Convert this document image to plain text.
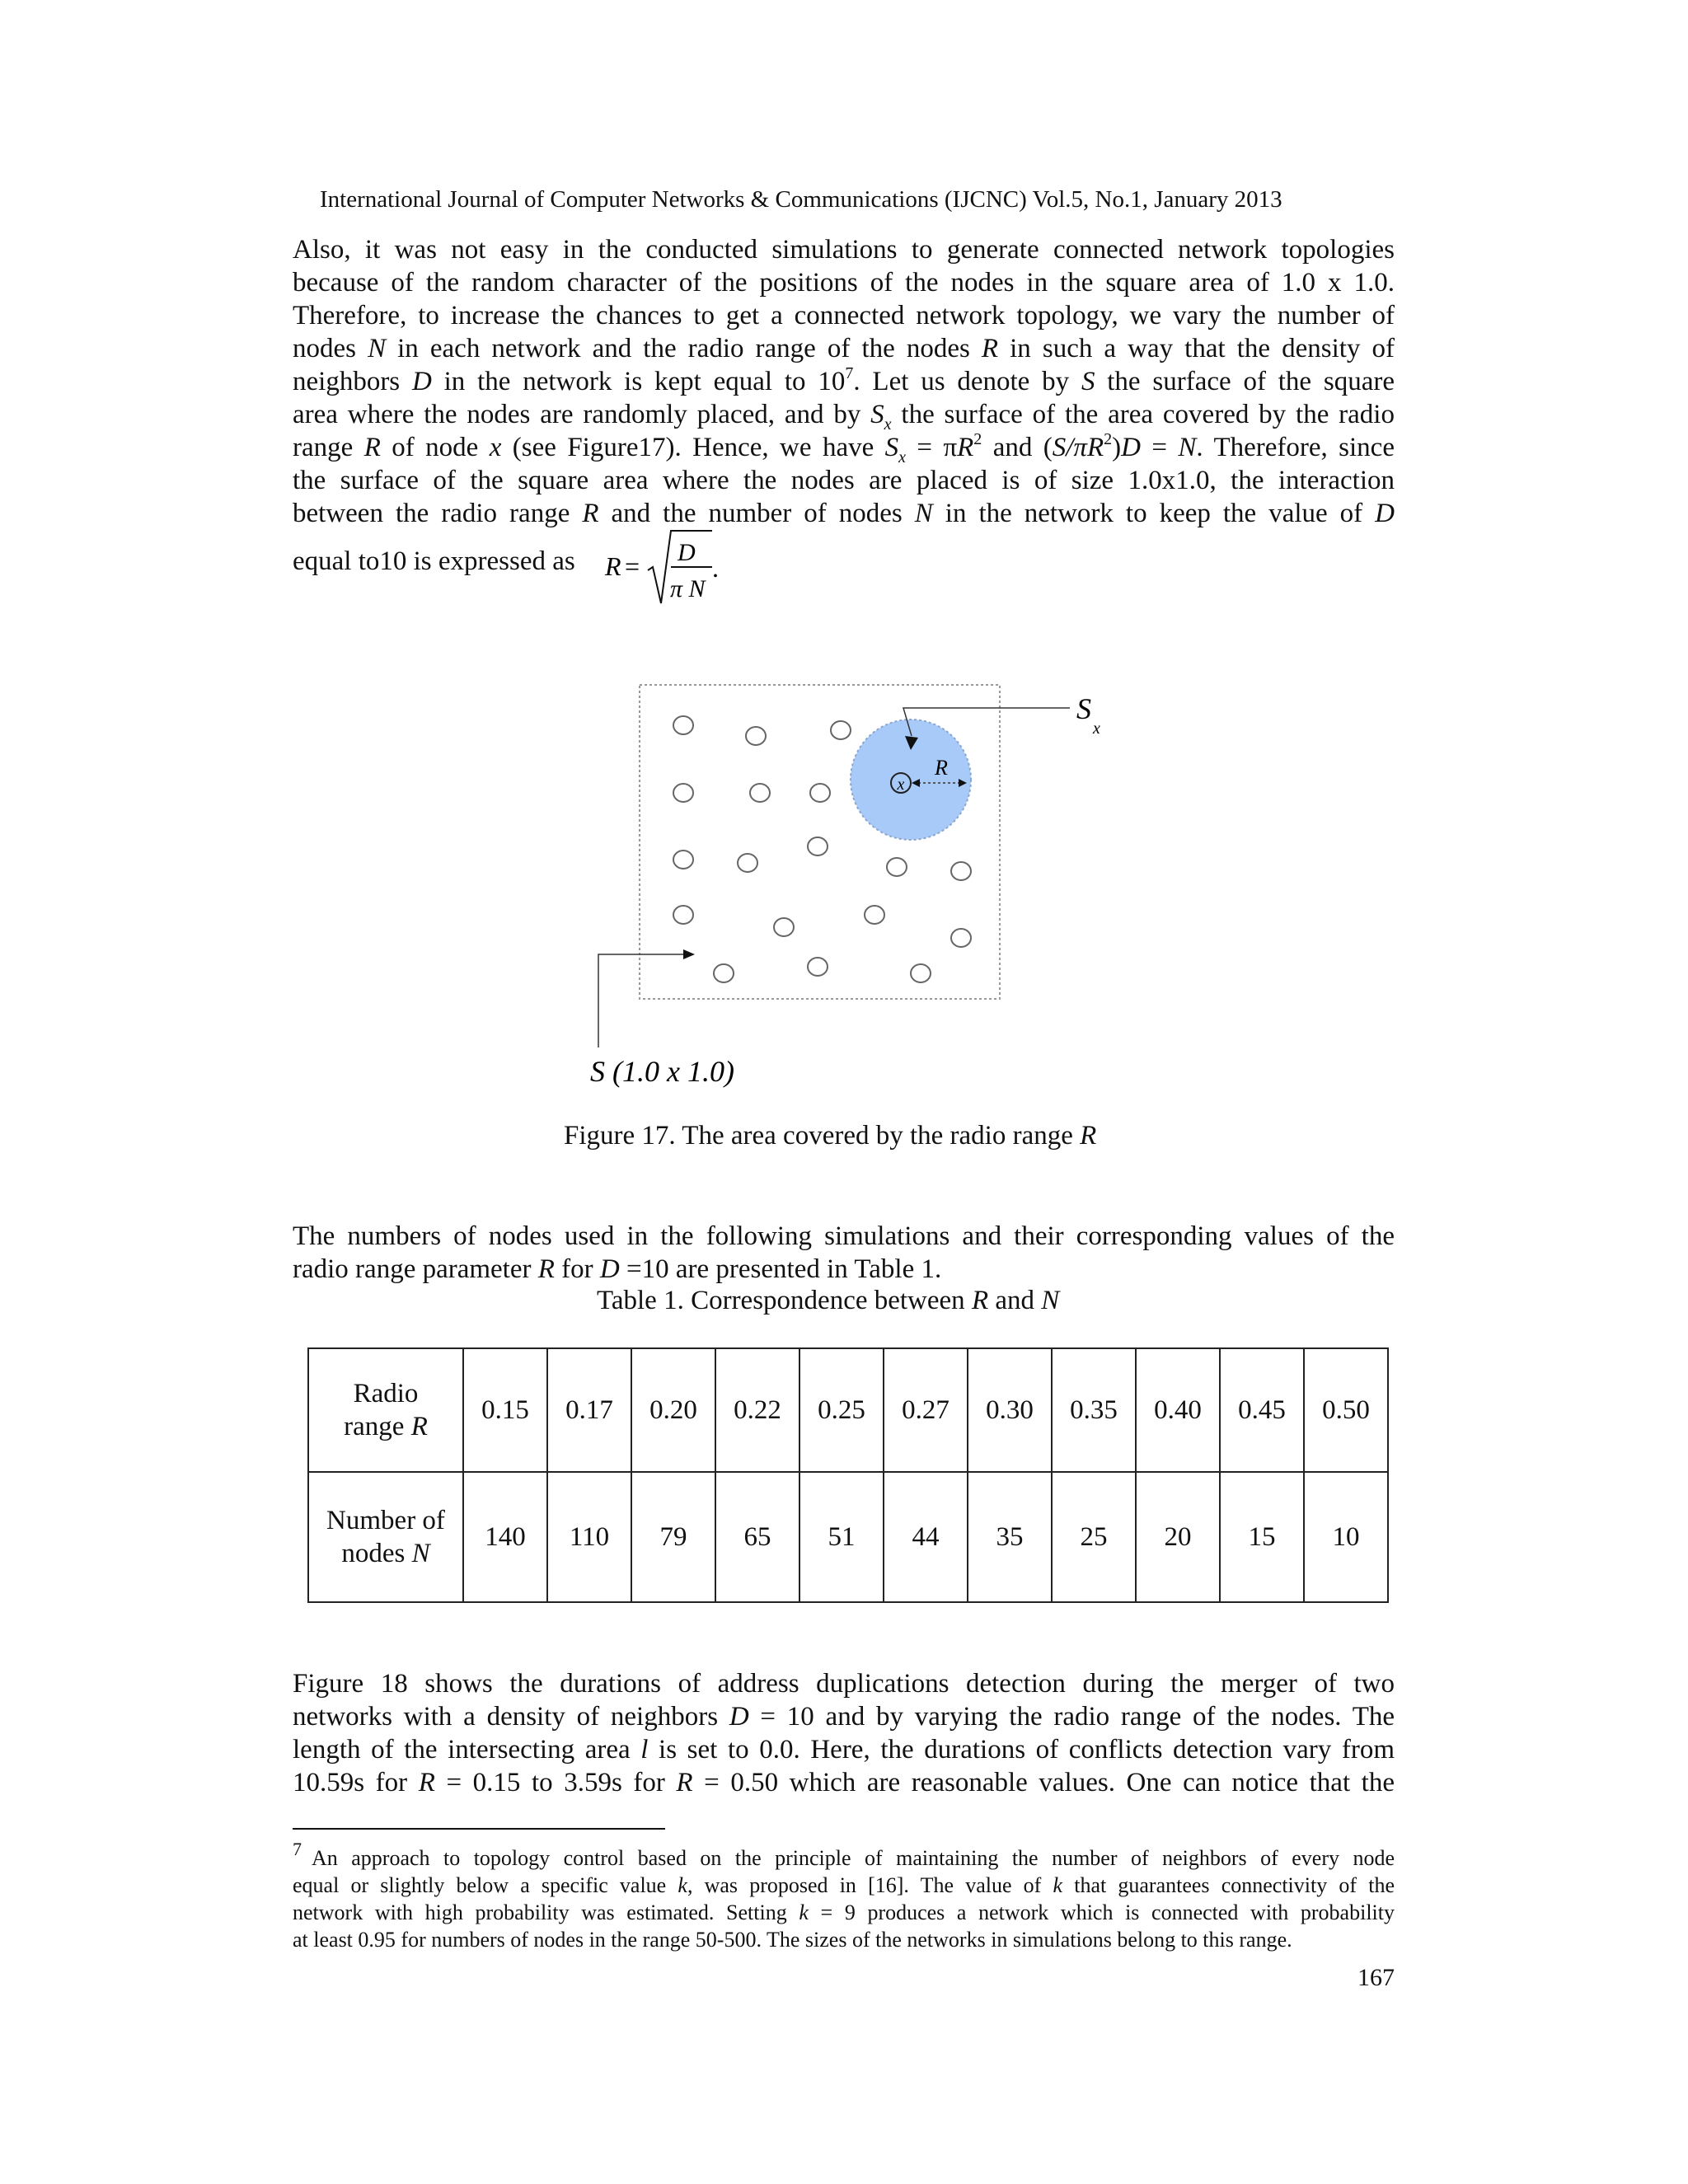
International Journal of Computer Networks & Communications (IJCNC) Vol.5, No.1, January 2013
Also, it was not easy in the conducted simulations to generate connected network topologies
because of the random character of the positions of the nodes in the square area of 1.0 x 1.0.
Therefore, to increase the chances to get a connected network topology, we vary the number of
nodes N in each network and the radio range of the nodes R in such a way that the density of
neighbors D in the network is kept equal to $10^7$. Let us denote by S the surface of the square
area where the nodes are randomly placed, and by $S_x$ the surface of the area covered by the radio
range R of node x (see Figure17). Hence, we have $S_x = \pi R^2$ and $(S/\pi R^2)D = N$. Therefore, since
the surface of the square area where the nodes are placed is of size 1.0x1.0, the interaction
between the radio range R and the number of nodes N in the network to keep the value of D
equal to10 is expressed as R = D
π N
.
x
R
S
x
S (1.0 x 1.0)
Figure 17. The area covered by the radio range R
The numbers of nodes used in the following simulations and their corresponding values of the
radio range parameter R for D =10 are presented in Table 1.
Table 1. Correspondence between R and N
Radio
range R	0.15	0.17	0.20	0.22	0.25	0.27	0.30	0.35	0.40	0.45	0.50
Number of
nodes N	140	110	79	65	51	44	35	25	20	15	10
Figure 18 shows the durations of address duplications detection during the merger of two
networks with a density of neighbors D = 10 and by varying the radio range of the nodes. The
length of the intersecting area l is set to 0.0. Here, the durations of conflicts detection vary from
10.59s for R = 0.15 to 3.59s for R = 0.50 which are reasonable values. One can notice that the
$^7$ An approach to topology control based on the principle of maintaining the number of neighbors of every node
equal or slightly below a specific value k, was proposed in [16]. The value of k that guarantees connectivity of the
network with high probability was estimated. Setting k = 9 produces a network which is connected with probability
at least 0.95 for numbers of nodes in the range 50-500. The sizes of the networks in simulations belong to this range.
167
